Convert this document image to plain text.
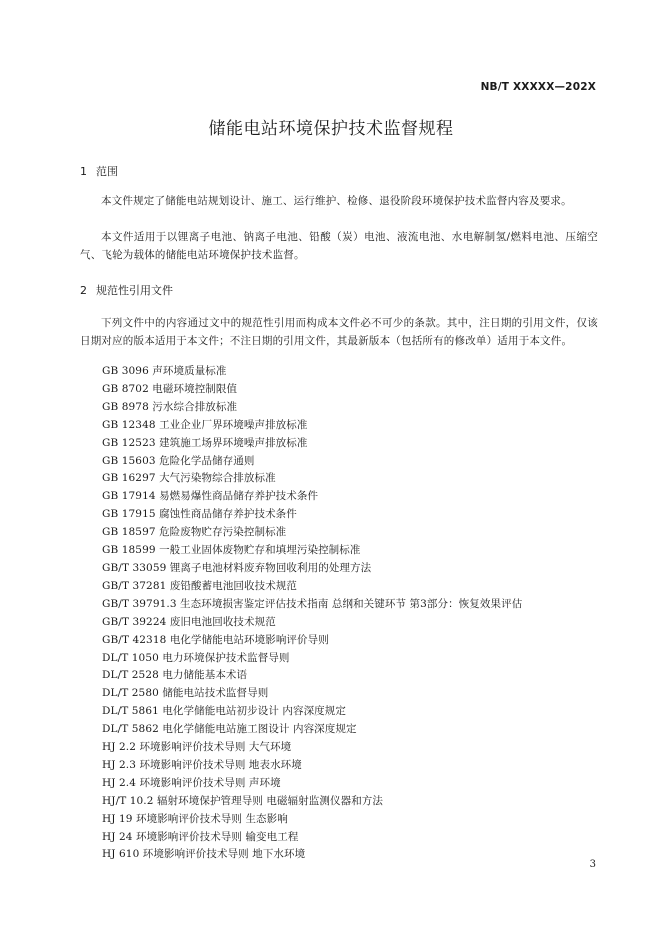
NB/T XXXXX—202X
储能电站环境保护技术监督规程
1 范围
本文件规定了储能电站规划设计、施工、运行维护、检修、退役阶段环境保护技术监督内容及要求。
本文件适用于以锂离子电池、钠离子电池、铅酸（炭）电池、液流电池、水电解制氢/燃料电池、压缩空气、飞轮为载体的储能电站环境保护技术监督。
2 规范性引用文件
下列文件中的内容通过文中的规范性引用而构成本文件必不可少的条款。其中，注日期的引用文件，仅该日期对应的版本适用于本文件；不注日期的引用文件，其最新版本（包括所有的修改单）适用于本文件。
GB 3096 声环境质量标准
GB 8702 电磁环境控制限值
GB 8978 污水综合排放标准
GB 12348 工业企业厂界环境噪声排放标准
GB 12523 建筑施工场界环境噪声排放标准
GB 15603 危险化学品储存通则
GB 16297 大气污染物综合排放标准
GB 17914 易燃易爆性商品储存养护技术条件
GB 17915 腐蚀性商品储存养护技术条件
GB 18597 危险废物贮存污染控制标准
GB 18599 一般工业固体废物贮存和填埋污染控制标准
GB/T 33059 锂离子电池材料废弃物回收利用的处理方法
GB/T 37281 废铅酸蓄电池回收技术规范
GB/T 39791.3 生态环境损害鉴定评估技术指南 总纲和关键环节 第3部分：恢复效果评估
GB/T 39224 废旧电池回收技术规范
GB/T 42318 电化学储能电站环境影响评价导则
DL/T 1050 电力环境保护技术监督导则
DL/T 2528 电力储能基本术语
DL/T 2580 储能电站技术监督导则
DL/T 5861 电化学储能电站初步设计 内容深度规定
DL/T 5862 电化学储能电站施工图设计 内容深度规定
HJ 2.2 环境影响评价技术导则 大气环境
HJ 2.3 环境影响评价技术导则 地表水环境
HJ 2.4 环境影响评价技术导则 声环境
HJ/T 10.2 辐射环境保护管理导则 电磁辐射监测仪器和方法
HJ 19 环境影响评价技术导则 生态影响
HJ 24 环境影响评价技术导则 输变电工程
HJ 610 环境影响评价技术导则 地下水环境
3
